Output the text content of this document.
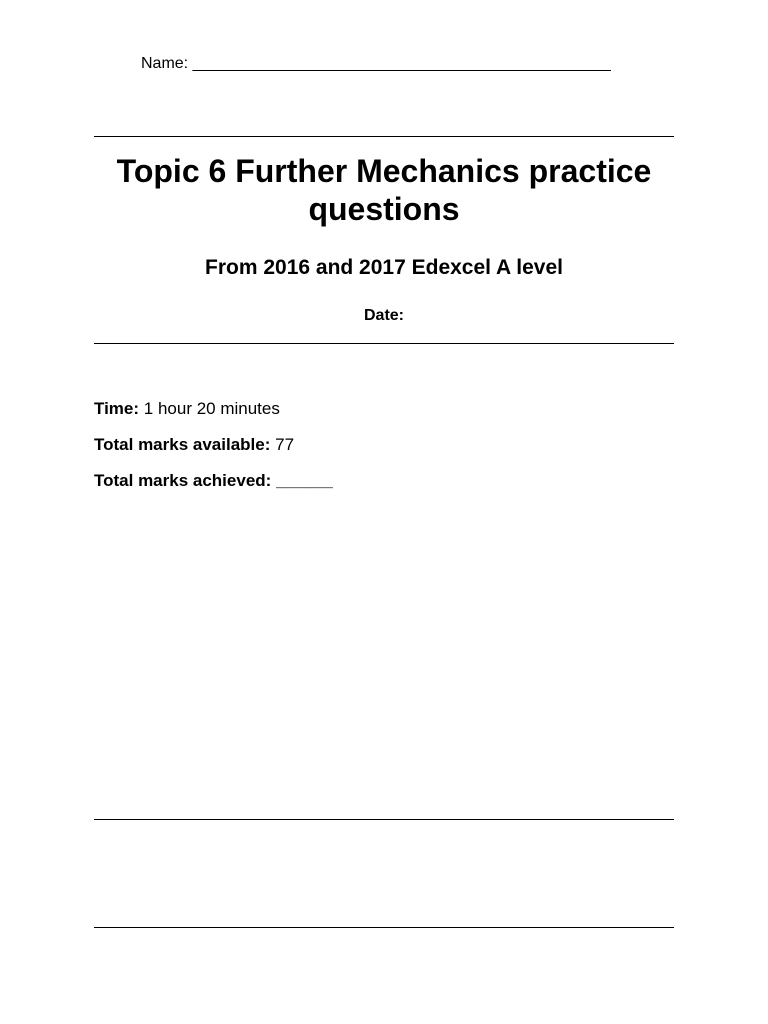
Name: _______________________________________________
Topic 6 Further Mechanics practice questions
From 2016 and 2017 Edexcel A level
Date:
Time: 1 hour 20 minutes
Total marks available: 77
Total marks achieved: ______
